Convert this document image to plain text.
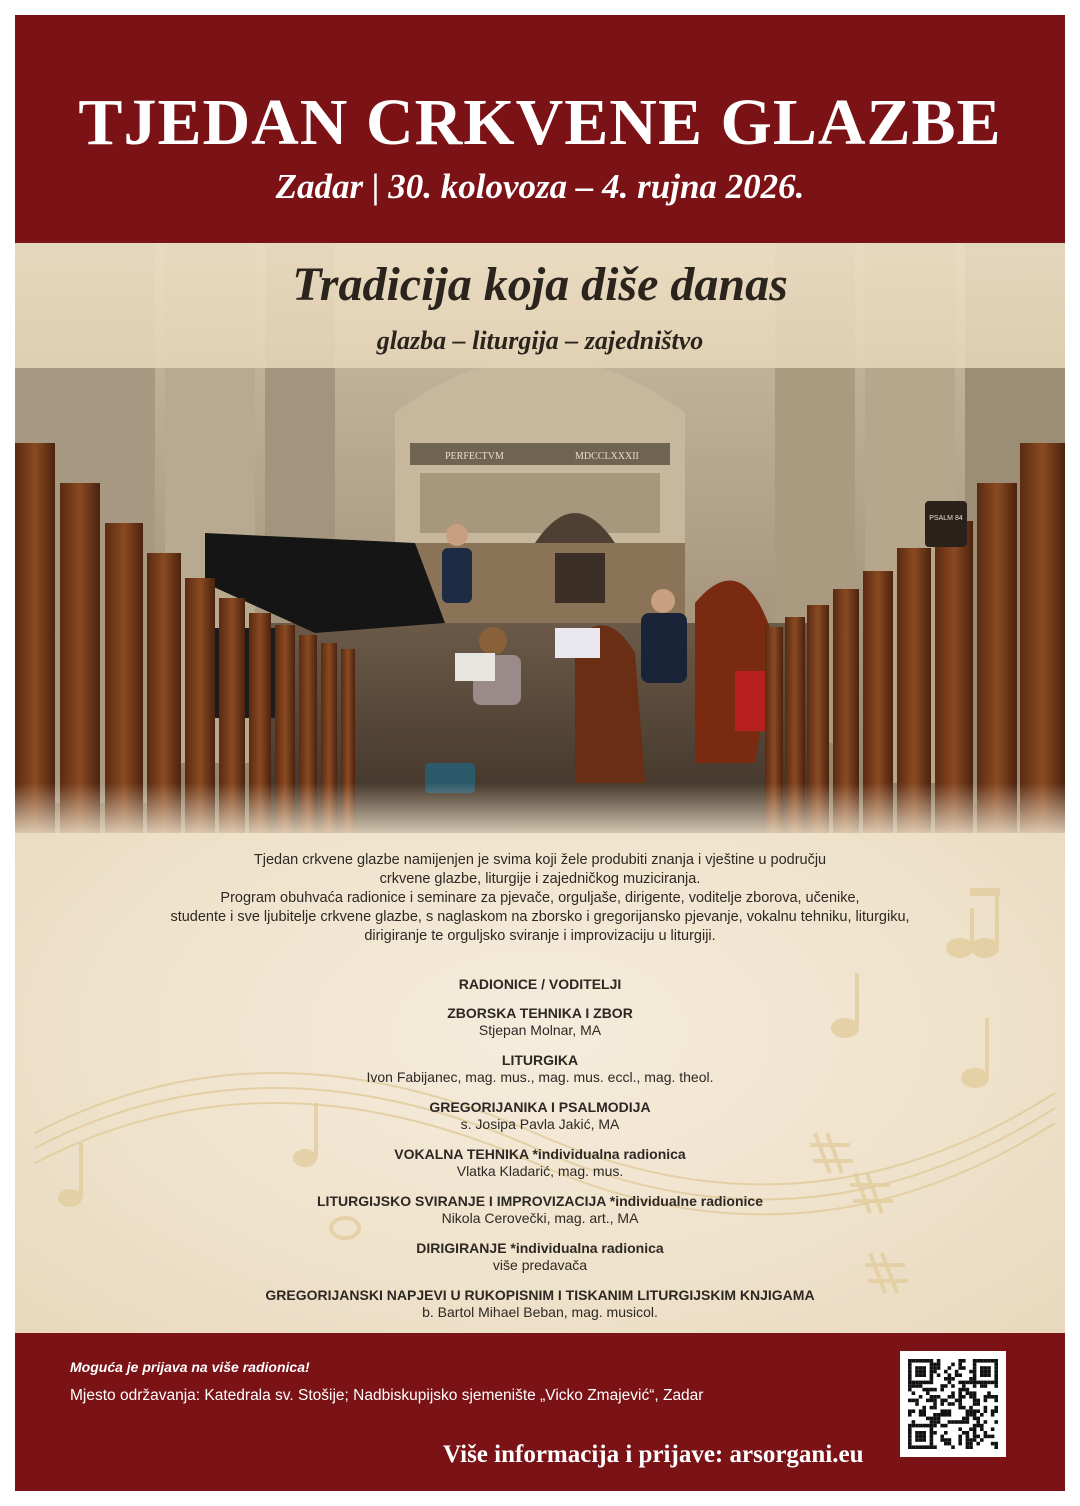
TJEDAN CRKVENE GLAZBE
Zadar | 30. kolovoza – 4. rujna 2026.
PERFECTVM	MDCCLXXXII
PSALM 84
Tradicija koja diše danas
glazba – liturgija – zajedništvo

Tjedan crkvene glazbe namijenjen je svima koji žele produbiti znanja i vještine u području

crkvene glazbe, liturgije i zajedničkog muziciranja.

Program obuhvaća radionice i seminare za pjevače, orguljaše, dirigente, voditelje zborova, učenike,

studente i sve ljubitelje crkvene glazbe, s naglaskom na zborsko i gregorijansko pjevanje, vokalnu tehniku, liturgiku,

dirigiranje te orguljsko sviranje i improvizaciju u liturgiji.

RADIONICE / VODITELJI
ZBORSKA TEHNIKA I ZBOR
Stjepan Molnar, MA
LITURGIKA
Ivon Fabijanec, mag. mus., mag. mus. eccl., mag. theol.
GREGORIJANIKA I PSALMODIJA
s. Josipa Pavla Jakić, MA
VOKALNA TEHNIKA *individualna radionica
Vlatka Kladarić, mag. mus.
LITURGIJSKO SVIRANJE I IMPROVIZACIJA *individualne radionice
Nikola Cerovečki, mag. art., MA
DIRIGIRANJE *individualna radionica
više predavača
GREGORIJANSKI NAPJEVI U RUKOPISNIM I TISKANIM LITURGIJSKIM KNJIGAMA
b. Bartol Mihael Beban, mag. musicol.
Moguća je prijava na više radionica!
Mjesto održavanja: Katedrala sv. Stošije; Nadbiskupijsko sjemenište „Vicko Zmajević“, Zadar
Više informacija i prijave: arsorgani.eu
